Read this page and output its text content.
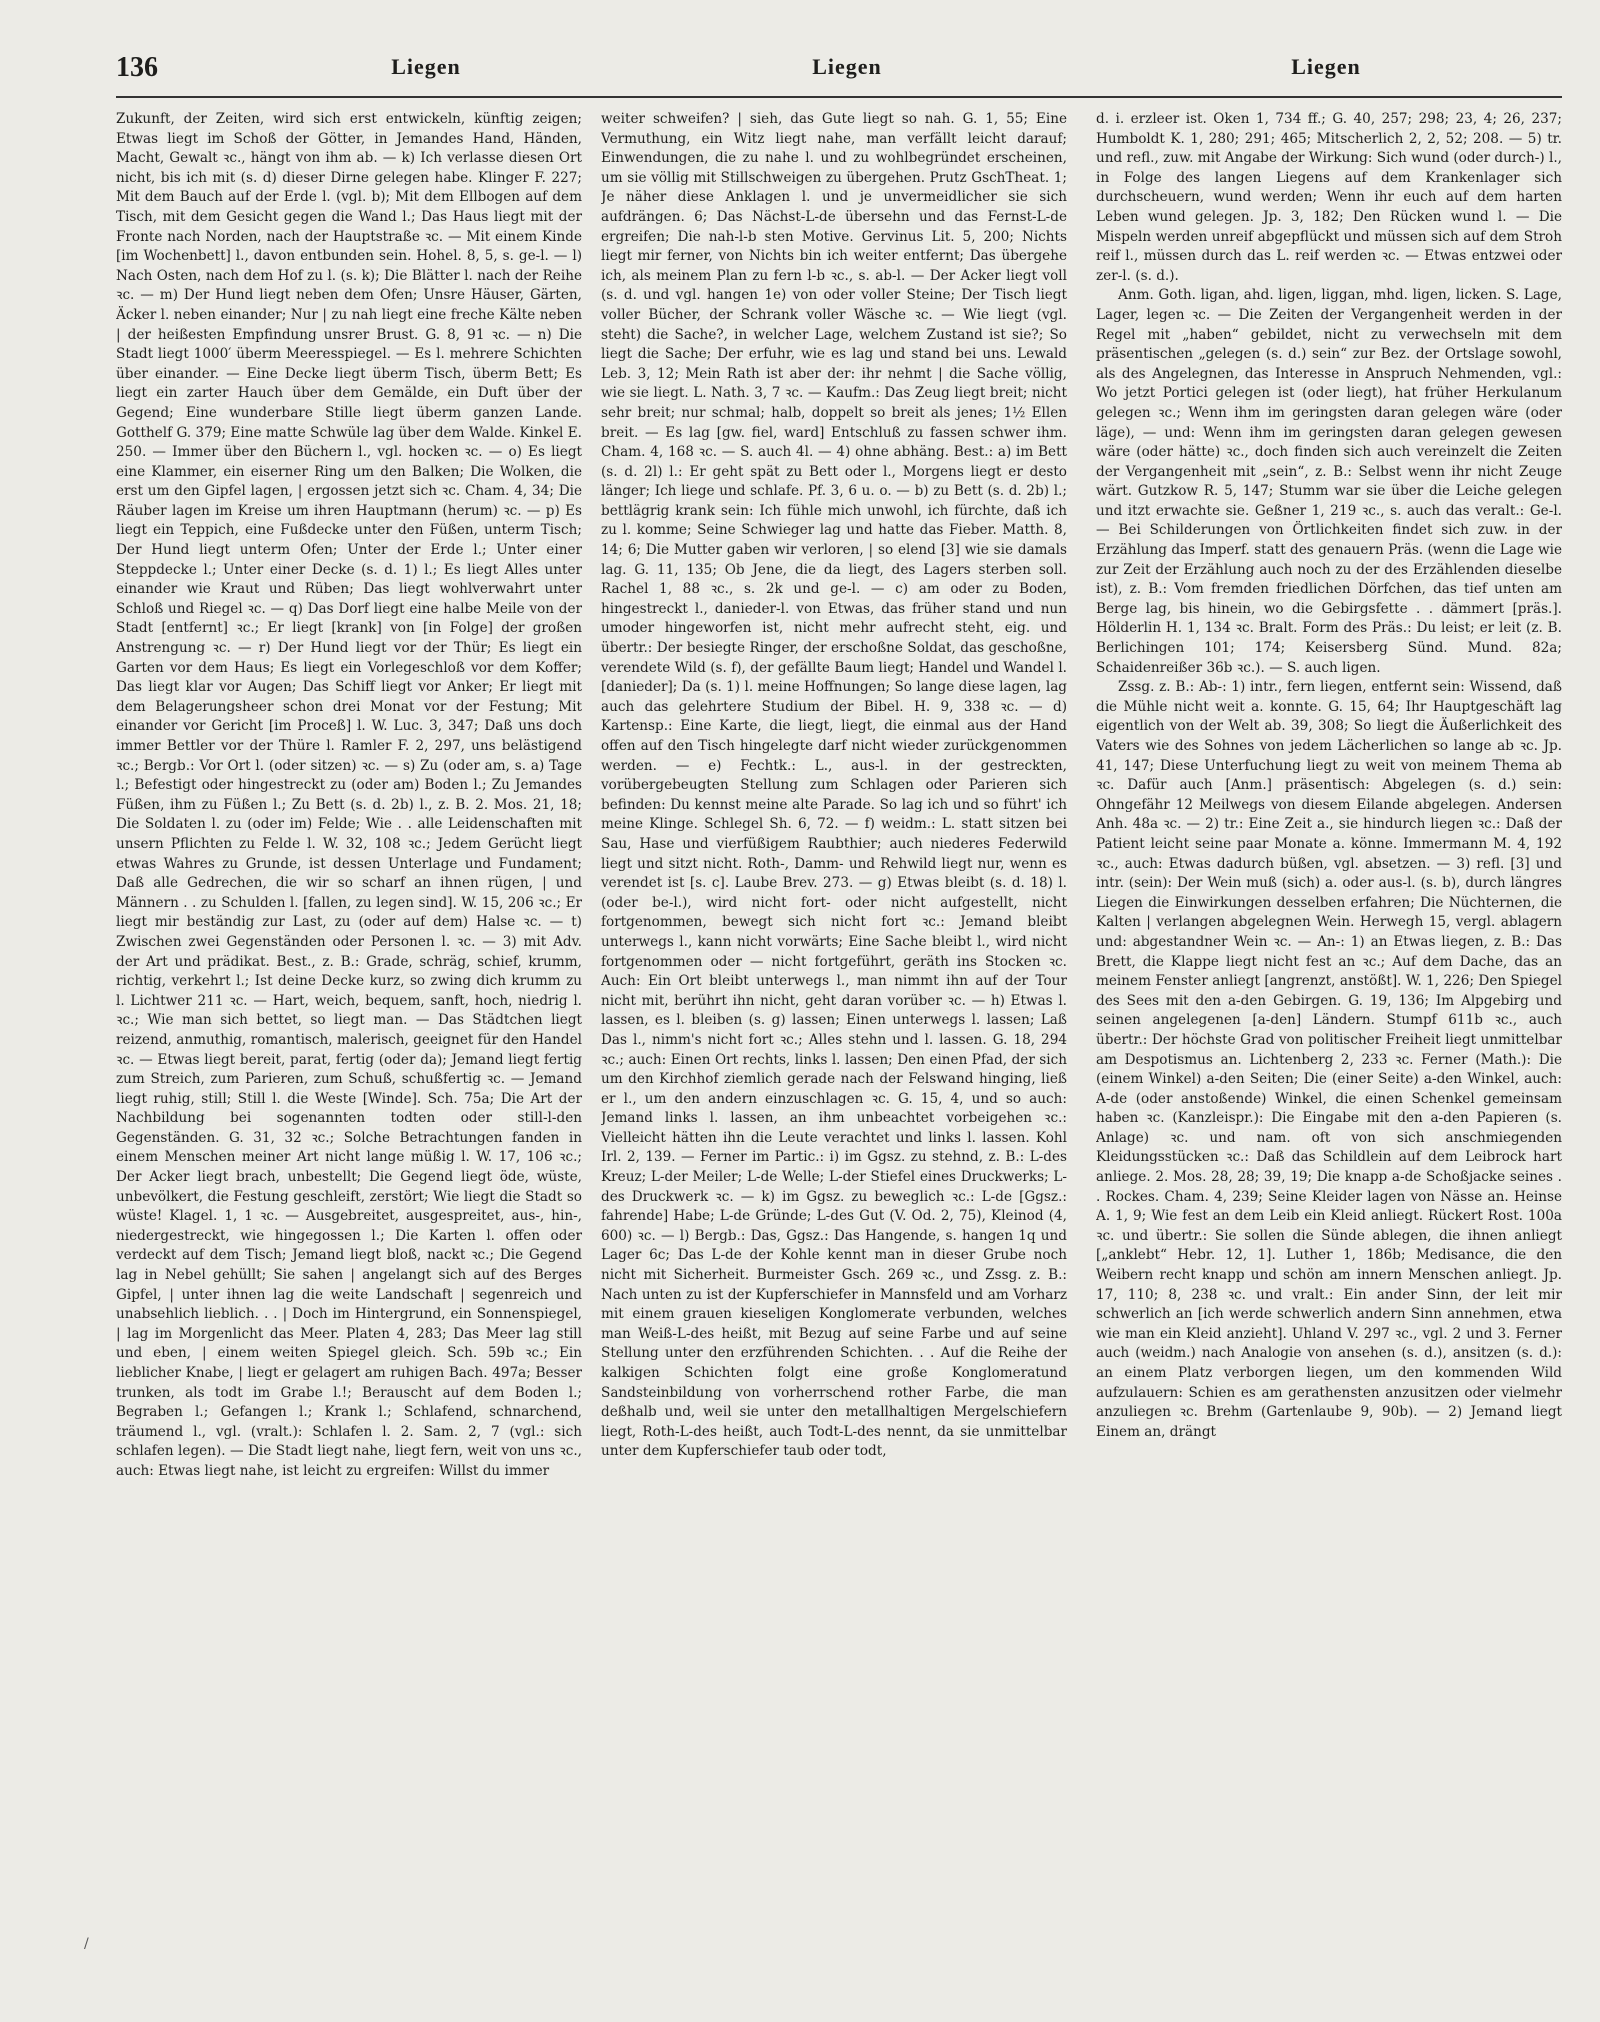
136	Liegen	Liegen	Liegen

Zukunft, der Zeiten, wird sich erst entwickeln, künftig zeigen; Etwas liegt im Schoß der Götter, in Jemandes Hand, Händen, Macht, Gewalt ꝛc., hängt von ihm ab. — k) Ich verlasse diesen Ort nicht, bis ich mit (s. d) dieser Dirne gelegen habe. Klinger F. 227; Mit dem Bauch auf der Erde l. (vgl. b); Mit dem Ellbogen auf dem Tisch, mit dem Gesicht gegen die Wand l.; Das Haus liegt mit der Fronte nach Norden, nach der Hauptstraße ꝛc. — Mit einem Kinde [im Wochenbett] l., davon entbunden sein. Hohel. 8, 5, s. ge-l. — l) Nach Osten, nach dem Hof zu l. (s. k); Die Blätter l. nach der Reihe ꝛc. — m) Der Hund liegt neben dem Ofen; Unsre Häuser, Gärten, Äcker l. neben einander; Nur | zu nah liegt eine freche Kälte neben | der heißesten Empfindung unsrer Brust. G. 8, 91 ꝛc. — n) Die Stadt liegt 1000′ überm Meeresspiegel. — Es l. mehrere Schichten über einander. — Eine Decke liegt überm Tisch, überm Bett; Es liegt ein zarter Hauch über dem Gemälde, ein Duft über der Gegend; Eine wunderbare Stille liegt überm ganzen Lande. Gotthelf G. 379; Eine matte Schwüle lag über dem Walde. Kinkel E. 250. — Immer über den Büchern l., vgl. hocken ꝛc. — o) Es liegt eine Klammer, ein eiserner Ring um den Balken; Die Wolken, die erst um den Gipfel lagen, | ergossen jetzt sich ꝛc. Cham. 4, 34; Die Räuber lagen im Kreise um ihren Hauptmann (herum) ꝛc. — p) Es liegt ein Teppich, eine Fußdecke unter den Füßen, unterm Tisch; Der Hund liegt unterm Ofen; Unter der Erde l.; Unter einer Steppdecke l.; Unter einer Decke (s. d. 1) l.; Es liegt Alles unter einander wie Kraut und Rüben; Das liegt wohlverwahrt unter Schloß und Riegel ꝛc. — q) Das Dorf liegt eine halbe Meile von der Stadt [entfernt] ꝛc.; Er liegt [krank] von [in Folge] der großen Anstrengung ꝛc. — r) Der Hund liegt vor der Thür; Es liegt ein Garten vor dem Haus; Es liegt ein Vorlegeschloß vor dem Koffer; Das liegt klar vor Augen; Das Schiff liegt vor Anker; Er liegt mit dem Belagerungsheer schon drei Monat vor der Festung; Mit einander vor Gericht [im Proceß] l. W. Luc. 3, 347; Daß uns doch immer Bettler vor der Thüre l. Ramler F. 2, 297, uns belästigend ꝛc.; Bergb.: Vor Ort l. (oder sitzen) ꝛc. — s) Zu (oder am, s. a) Tage l.; Befestigt oder hingestreckt zu (oder am) Boden l.; Zu Jemandes Füßen, ihm zu Füßen l.; Zu Bett (s. d. 2b) l., z. B. 2. Mos. 21, 18; Die Soldaten l. zu (oder im) Felde; Wie . . alle Leidenschaften mit unsern Pflichten zu Felde l. W. 32, 108 ꝛc.; Jedem Gerücht liegt etwas Wahres zu Grunde, ist dessen Unterlage und Fundament; Daß alle Gedrechen, die wir so scharf an ihnen rügen, | und Männern . . zu Schulden l. [fallen, zu legen sind]. W. 15, 206 ꝛc.; Er liegt mir beständig zur Last, zu (oder auf dem) Halse ꝛc. — t) Zwischen zwei Gegenständen oder Personen l. ꝛc. — 3) mit Adv. der Art und prädikat. Best., z. B.: Grade, schräg, schief, krumm, richtig, verkehrt l.; Ist deine Decke kurz, so zwing dich krumm zu l. Lichtwer 211 ꝛc. — Hart, weich, bequem, sanft, hoch, niedrig l. ꝛc.; Wie man sich bettet, so liegt man. — Das Städtchen liegt reizend, anmuthig, romantisch, malerisch, geeignet für den Handel ꝛc. — Etwas liegt bereit, parat, fertig (oder da); Jemand liegt fertig zum Streich, zum Parieren, zum Schuß, schußfertig ꝛc. — Jemand liegt ruhig, still; Still l. die Weste [Winde]. Sch. 75a; Die Art der Nachbildung bei sogenannten todten oder still-l-den Gegenständen. G. 31, 32 ꝛc.; Solche Betrachtungen fanden in einem Menschen meiner Art nicht lange müßig l. W. 17, 106 ꝛc.; Der Acker liegt brach, unbestellt; Die Gegend liegt öde, wüste, unbevölkert, die Festung geschleift, zerstört; Wie liegt die Stadt so wüste! Klagel. 1, 1 ꝛc. — Ausgebreitet, ausgespreitet, aus-, hin-, niedergestreckt, wie hingegossen l.; Die Karten l. offen oder verdeckt auf dem Tisch; Jemand liegt bloß, nackt ꝛc.; Die Gegend lag in Nebel gehüllt; Sie sahen | angelangt sich auf des Berges Gipfel, | unter ihnen lag die weite Landschaft | segenreich und unabsehlich lieblich. . . | Doch im Hintergrund, ein Sonnenspiegel, | lag im Morgenlicht das Meer. Platen 4, 283; Das Meer lag still und eben, | einem weiten Spiegel gleich. Sch. 59b ꝛc.; Ein lieblicher Knabe, | liegt er gelagert am ruhigen Bach. 497a; Besser trunken, als todt im Grabe l.!; Berauscht auf dem Boden l.; Begraben l.; Gefangen l.; Krank l.; Schlafend, schnarchend, träumend l., vgl. (vralt.): Schlafen l. 2. Sam. 2, 7 (vgl.: sich schlafen legen). — Die Stadt liegt nahe, liegt fern, weit von uns ꝛc., auch: Etwas liegt nahe, ist leicht zu ergreifen: Willst du immer

weiter schweifen? | sieh, das Gute liegt so nah. G. 1, 55; Eine Vermuthung, ein Witz liegt nahe, man verfällt leicht darauf; Einwendungen, die zu nahe l. und zu wohlbegründet erscheinen, um sie völlig mit Stillschweigen zu übergehen. Prutz GschTheat. 1; Je näher diese Anklagen l. und je unvermeidlicher sie sich aufdrängen. 6; Das Nächst-L-de übersehn und das Fernst-L-de ergreifen; Die nah-l-b sten Motive. Gervinus Lit. 5, 200; Nichts liegt mir ferner, von Nichts bin ich weiter entfernt; Das übergehe ich, als meinem Plan zu fern l-b ꝛc., s. ab-l. — Der Acker liegt voll (s. d. und vgl. hangen 1e) von oder voller Steine; Der Tisch liegt voller Bücher, der Schrank voller Wäsche ꝛc. — Wie liegt (vgl. steht) die Sache?, in welcher Lage, welchem Zustand ist sie?; So liegt die Sache; Der erfuhr, wie es lag und stand bei uns. Lewald Leb. 3, 12; Mein Rath ist aber der: ihr nehmt | die Sache völlig, wie sie liegt. L. Nath. 3, 7 ꝛc. — Kaufm.: Das Zeug liegt breit; nicht sehr breit; nur schmal; halb, doppelt so breit als jenes; 1½ Ellen breit. — Es lag [gw. fiel, ward] Entschluß zu fassen schwer ihm. Cham. 4, 168 ꝛc. — S. auch 4l. — 4) ohne abhäng. Best.: a) im Bett (s. d. 2l) l.: Er geht spät zu Bett oder l., Morgens liegt er desto länger; Ich liege und schlafe. Pf. 3, 6 u. o. — b) zu Bett (s. d. 2b) l.; bettlägrig krank sein: Ich fühle mich unwohl, ich fürchte, daß ich zu l. komme; Seine Schwieger lag und hatte das Fieber. Matth. 8, 14; 6; Die Mutter gaben wir verloren, | so elend [3] wie sie damals lag. G. 11, 135; Ob Jene, die da liegt, des Lagers sterben soll. Rachel 1, 88 ꝛc., s. 2k und ge-l. — c) am oder zu Boden, hingestreckt l., danieder-l. von Etwas, das früher stand und nun umoder hingeworfen ist, nicht mehr aufrecht steht, eig. und übertr.: Der besiegte Ringer, der erschoßne Soldat, das geschoßne, verendete Wild (s. f), der gefällte Baum liegt; Handel und Wandel l. [danieder]; Da (s. 1) l. meine Hoffnungen; So lange diese lagen, lag auch das gelehrtere Studium der Bibel. H. 9, 338 ꝛc. — d) Kartensp.: Eine Karte, die liegt, liegt, die einmal aus der Hand offen auf den Tisch hingelegte darf nicht wieder zurückgenommen werden. — e) Fechtk.: L., aus-l. in der gestreckten, vorübergebeugten Stellung zum Schlagen oder Parieren sich befinden: Du kennst meine alte Parade. So lag ich und so führt' ich meine Klinge. Schlegel Sh. 6, 72. — f) weidm.: L. statt sitzen bei Sau, Hase und vierfüßigem Raubthier; auch niederes Federwild liegt und sitzt nicht. Roth-, Damm- und Rehwild liegt nur, wenn es verendet ist [s. c]. Laube Brev. 273. — g) Etwas bleibt (s. d. 18) l. (oder be-l.), wird nicht fort- oder nicht aufgestellt, nicht fortgenommen, bewegt sich nicht fort ꝛc.: Jemand bleibt unterwegs l., kann nicht vorwärts; Eine Sache bleibt l., wird nicht fortgenommen oder — nicht fortgeführt, geräth ins Stocken ꝛc. Auch: Ein Ort bleibt unterwegs l., man nimmt ihn auf der Tour nicht mit, berührt ihn nicht, geht daran vorüber ꝛc. — h) Etwas l. lassen, es l. bleiben (s. g) lassen; Einen unterwegs l. lassen; Laß Das l., nimm's nicht fort ꝛc.; Alles stehn und l. lassen. G. 18, 294 ꝛc.; auch: Einen Ort rechts, links l. lassen; Den einen Pfad, der sich um den Kirchhof ziemlich gerade nach der Felswand hinging, ließ er l., um den andern einzuschlagen ꝛc. G. 15, 4, und so auch: Jemand links l. lassen, an ihm unbeachtet vorbeigehen ꝛc.: Vielleicht hätten ihn die Leute verachtet und links l. lassen. Kohl Irl. 2, 139. — Ferner im Partic.: i) im Ggsz. zu stehnd, z. B.: L-des Kreuz; L-der Meiler; L-de Welle; L-der Stiefel eines Druckwerks; L-des Druckwerk ꝛc. — k) im Ggsz. zu beweglich ꝛc.: L-de [Ggsz.: fahrende] Habe; L-de Gründe; L-des Gut (V. Od. 2, 75), Kleinod (4, 600) ꝛc. — l) Bergb.: Das, Ggsz.: Das Hangende, s. hangen 1q und Lager 6c; Das L-de der Kohle kennt man in dieser Grube noch nicht mit Sicherheit. Burmeister Gsch. 269 ꝛc., und Zssg. z. B.: Nach unten zu ist der Kupferschiefer in Mannsfeld und am Vorharz mit einem grauen kieseligen Konglomerate verbunden, welches man Weiß-L-des heißt, mit Bezug auf seine Farbe und auf seine Stellung unter den erzführenden Schichten. . . Auf die Reihe der kalkigen Schichten folgt eine große Konglomeratund Sandsteinbildung von vorherrschend rother Farbe, die man deßhalb und, weil sie unter den metallhaltigen Mergelschiefern liegt, Roth-L-des heißt, auch Todt-L-des nennt, da sie unmittelbar unter dem Kupferschiefer taub oder todt,

d. i. erzleer ist. Oken 1, 734 ff.; G. 40, 257; 298; 23, 4; 26, 237; Humboldt K. 1, 280; 291; 465; Mitscherlich 2, 2, 52; 208. — 5) tr. und refl., zuw. mit Angabe der Wirkung: Sich wund (oder durch-) l., in Folge des langen Liegens auf dem Krankenlager sich durchscheuern, wund werden; Wenn ihr euch auf dem harten Leben wund gelegen. Jp. 3, 182; Den Rücken wund l. — Die Mispeln werden unreif abgepflückt und müssen sich auf dem Stroh reif l., müssen durch das L. reif werden ꝛc. — Etwas entzwei oder zer-l. (s. d.).

Anm. Goth. ligan, ahd. ligen, liggan, mhd. ligen, licken. S. Lage, Lager, legen ꝛc. — Die Zeiten der Vergangenheit werden in der Regel mit „haben“ gebildet, nicht zu verwechseln mit dem präsentischen „gelegen (s. d.) sein“ zur Bez. der Ortslage sowohl, als des Angelegnen, das Interesse in Anspruch Nehmenden, vgl.: Wo jetzt Portici gelegen ist (oder liegt), hat früher Herkulanum gelegen ꝛc.; Wenn ihm im geringsten daran gelegen wäre (oder läge), — und: Wenn ihm im geringsten daran gelegen gewesen wäre (oder hätte) ꝛc., doch finden sich auch vereinzelt die Zeiten der Vergangenheit mit „sein“, z. B.: Selbst wenn ihr nicht Zeuge wärt. Gutzkow R. 5, 147; Stumm war sie über die Leiche gelegen und itzt erwachte sie. Geßner 1, 219 ꝛc., s. auch das veralt.: Ge-l. — Bei Schilderungen von Örtlichkeiten findet sich zuw. in der Erzählung das Imperf. statt des genauern Präs. (wenn die Lage wie zur Zeit der Erzählung auch noch zu der des Erzählenden dieselbe ist), z. B.: Vom fremden friedlichen Dörfchen, das tief unten am Berge lag, bis hinein, wo die Gebirgsfette . . dämmert [präs.]. Hölderlin H. 1, 134 ꝛc. Bralt. Form des Präs.: Du leist; er leit (z. B. Berlichingen 101; 174; Keisersberg Sünd. Mund. 82a; Schaidenreißer 36b ꝛc.). — S. auch ligen.

Zssg. z. B.: Ab-: 1) intr., fern liegen, entfernt sein: Wissend, daß die Mühle nicht weit a. konnte. G. 15, 64; Ihr Hauptgeschäft lag eigentlich von der Welt ab. 39, 308; So liegt die Äußerlichkeit des Vaters wie des Sohnes von jedem Lächerlichen so lange ab ꝛc. Jp. 41, 147; Diese Unterfuchung liegt zu weit von meinem Thema ab ꝛc. Dafür auch [Anm.] präsentisch: Abgelegen (s. d.) sein: Ohngefähr 12 Meilwegs von diesem Eilande abgelegen. Andersen Anh. 48a ꝛc. — 2) tr.: Eine Zeit a., sie hindurch liegen ꝛc.: Daß der Patient leicht seine paar Monate a. könne. Immermann M. 4, 192 ꝛc., auch: Etwas dadurch büßen, vgl. absetzen. — 3) refl. [3] und intr. (sein): Der Wein muß (sich) a. oder aus-l. (s. b), durch längres Liegen die Einwirkungen desselben erfahren; Die Nüchternen, die Kalten | verlangen abgelegnen Wein. Herwegh 15, vergl. ablagern und: abgestandner Wein ꝛc. — An-: 1) an Etwas liegen, z. B.: Das Brett, die Klappe liegt nicht fest an ꝛc.; Auf dem Dache, das an meinem Fenster anliegt [angrenzt, anstößt]. W. 1, 226; Den Spiegel des Sees mit den a-den Gebirgen. G. 19, 136; Im Alpgebirg und seinen angelegenen [a-den] Ländern. Stumpf 611b ꝛc., auch übertr.: Der höchste Grad von politischer Freiheit liegt unmittelbar am Despotismus an. Lichtenberg 2, 233 ꝛc. Ferner (Math.): Die (einem Winkel) a-den Seiten; Die (einer Seite) a-den Winkel, auch: A-de (oder anstoßende) Winkel, die einen Schenkel gemeinsam haben ꝛc. (Kanzleispr.): Die Eingabe mit den a-den Papieren (s. Anlage) ꝛc. und nam. oft von sich anschmiegenden Kleidungsstücken ꝛc.: Daß das Schildlein auf dem Leibrock hart anliege. 2. Mos. 28, 28; 39, 19; Die knapp a-de Schoßjacke seines . . Rockes. Cham. 4, 239; Seine Kleider lagen von Nässe an. Heinse A. 1, 9; Wie fest an dem Leib ein Kleid anliegt. Rückert Rost. 100a ꝛc. und übertr.: Sie sollen die Sünde ablegen, die ihnen anliegt [„anklebt“ Hebr. 12, 1]. Luther 1, 186b; Medisance, die den Weibern recht knapp und schön am innern Menschen anliegt. Jp. 17, 110; 8, 238 ꝛc. und vralt.: Ein ander Sinn, der leit mir schwerlich an [ich werde schwerlich andern Sinn annehmen, etwa wie man ein Kleid anzieht]. Uhland V. 297 ꝛc., vgl. 2 und 3. Ferner auch (weidm.) nach Analogie von ansehen (s. d.), ansitzen (s. d.): an einem Platz verborgen liegen, um den kommenden Wild aufzulauern: Schien es am gerathensten anzusitzen oder vielmehr anzuliegen ꝛc. Brehm (Gartenlaube 9, 90b). — 2) Jemand liegt Einem an, drängt

/
